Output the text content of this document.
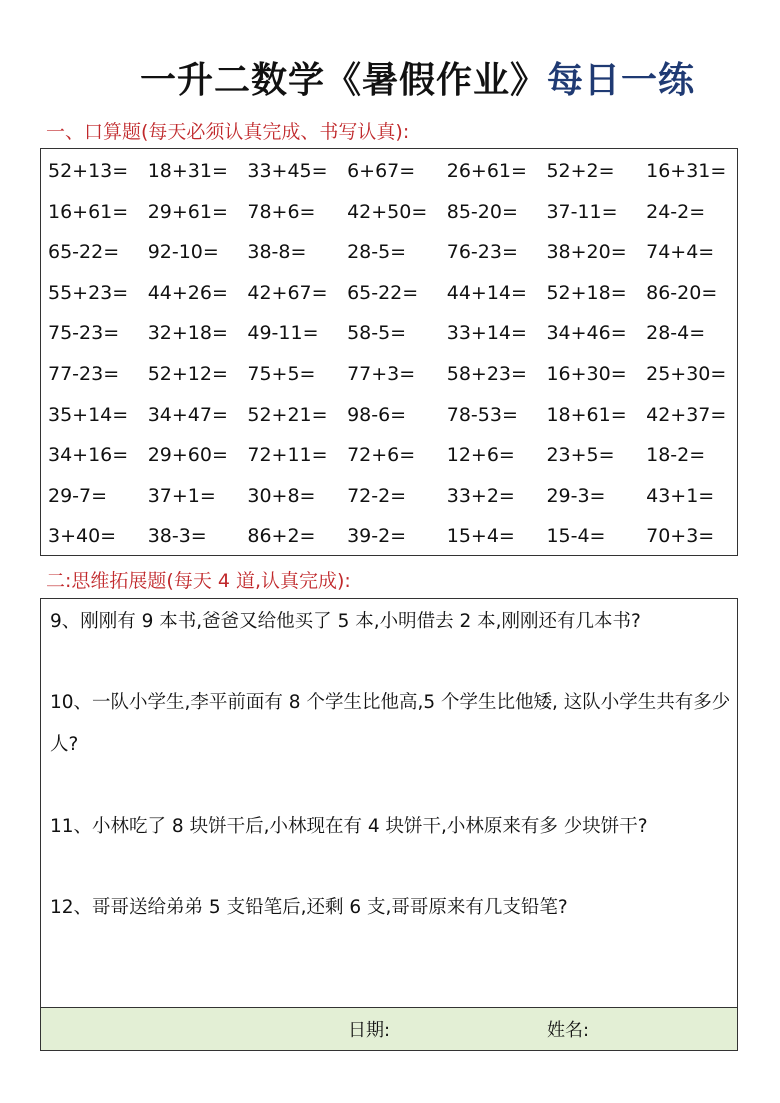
一升二数学《暑假作业》每日一练
一、口算题(每天必须认真完成、书写认真):
52+13=	18+31=	33+45=	6+67=	26+61=	52+2=	16+31=
16+61=	29+61=	78+6=	42+50=	85-20=	37-11=	24-2=
65-22=	92-10=	38-8=	28-5=	76-23=	38+20=	74+4=
55+23=	44+26=	42+67=	65-22=	44+14=	52+18=	86-20=
75-23=	32+18=	49-11=	58-5=	33+14=	34+46=	28-4=
77-23=	52+12=	75+5=	77+3=	58+23=	16+30=	25+30=
35+14=	34+47=	52+21=	98-6=	78-53=	18+61=	42+37=
34+16=	29+60=	72+11=	72+6=	12+6=	23+5=	18-2=
29-7=	37+1=	30+8=	72-2=	33+2=	29-3=	43+1=
3+40=	38-3=	86+2=	39-2=	15+4=	15-4=	70+3=
二:思维拓展题(每天 4 道,认真完成):
9、刚刚有 9 本书,爸爸又给他买了 5 本,小明借去 2 本,刚刚还有几本书?
10、一队小学生,李平前面有 8 个学生比他高,5 个学生比他矮, 这队小学生共有多少人?
11、小林吃了 8 块饼干后,小林现在有 4 块饼干,小林原来有多 少块饼干?
12、哥哥送给弟弟 5 支铅笔后,还剩 6 支,哥哥原来有几支铅笔?
日期:	姓名:
